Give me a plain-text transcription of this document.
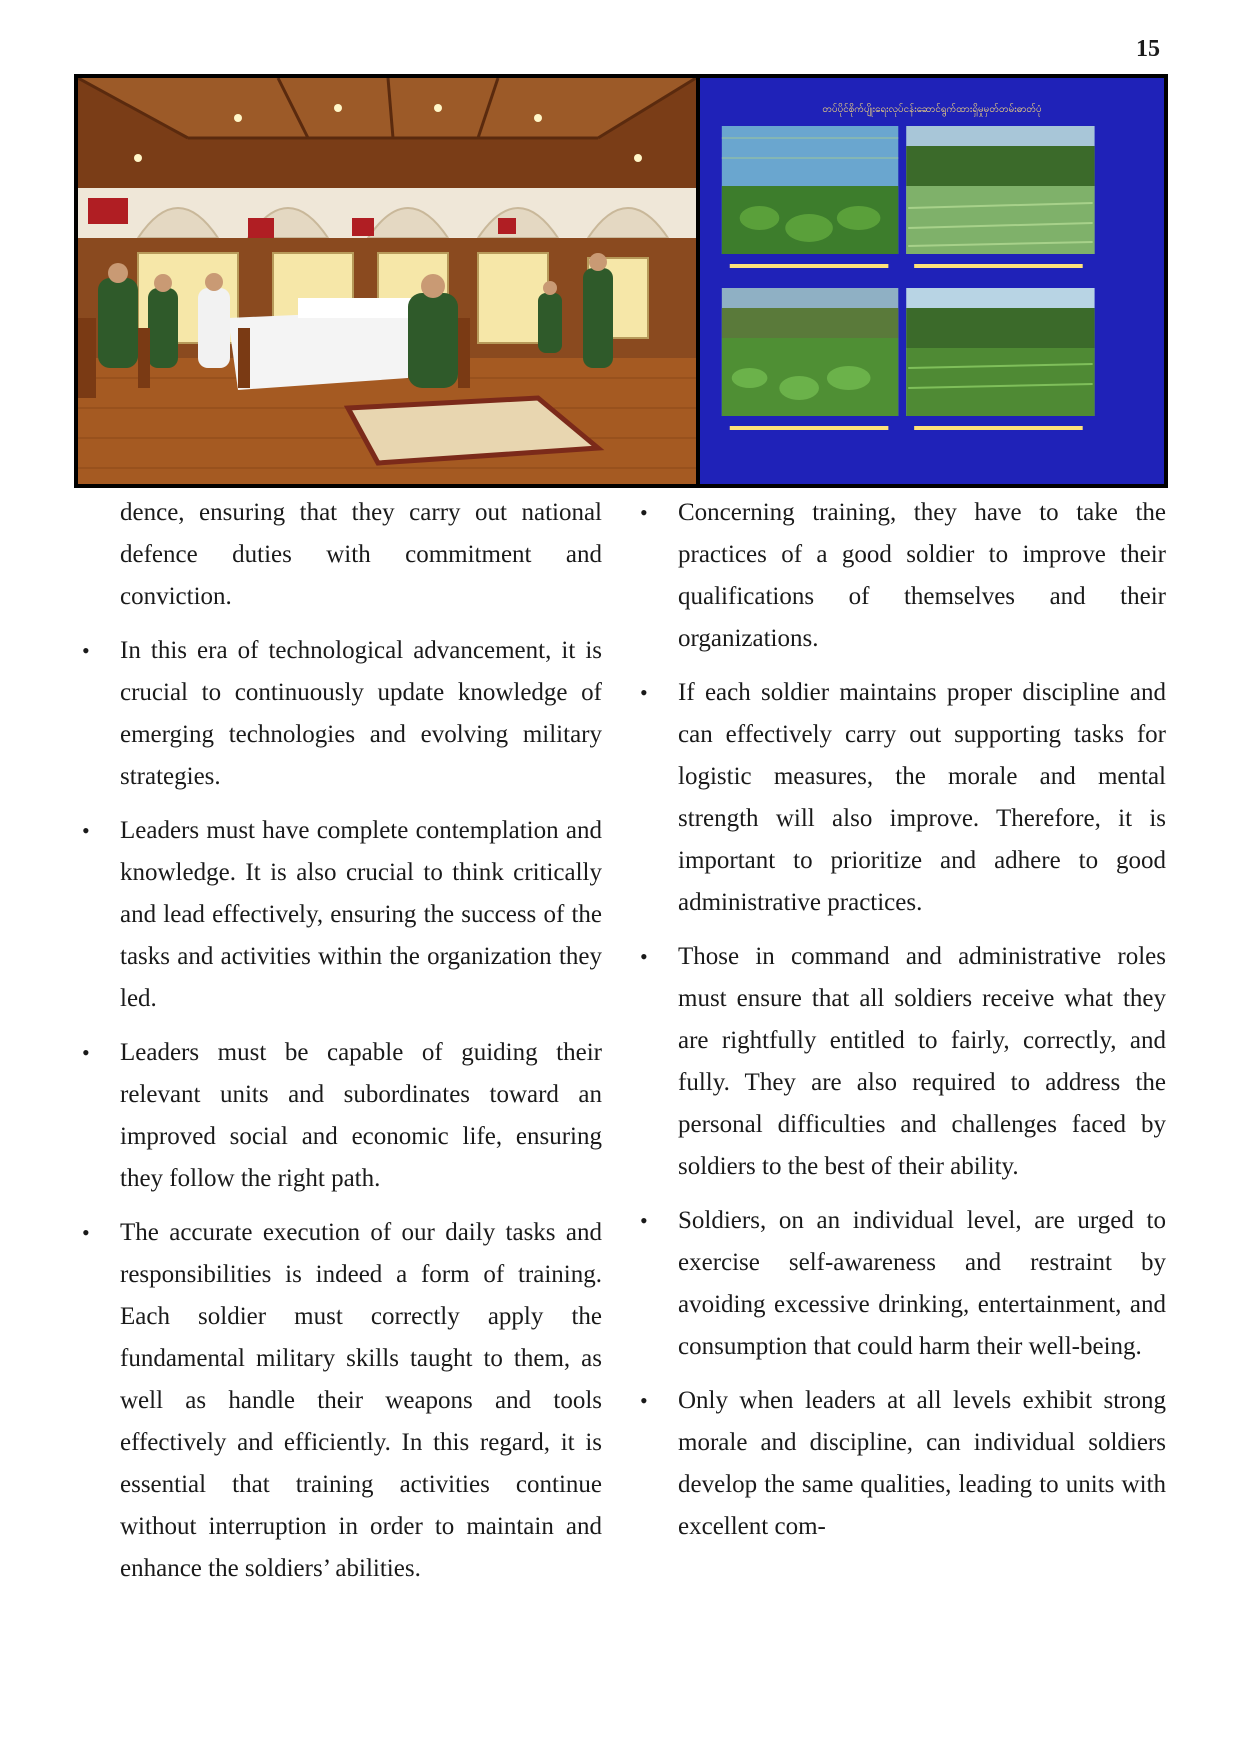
15
တပ်ပိုင်စိုက်ပျိုးရေးလုပ်ငန်းဆောင်ရွက်ထားရှိမှုမှတ်တမ်းဓာတ်ပုံ

dence, ensuring that they carry out national defence duties with commitment and conviction.

• In this era of technological advancement, it is crucial to continuously update knowledge of emerging technologies and evolving military strategies.
• Leaders must have complete contemplation and knowledge. It is also crucial to think critically and lead effectively, ensuring the success of the tasks and activities within the organization they led.
• Leaders must be capable of guiding their relevant units and subordinates toward an improved social and economic life, ensuring they follow the right path.
• The accurate execution of our daily tasks and responsibilities is indeed a form of training. Each soldier must correctly apply the fundamental military skills taught to them, as well as handle their weapons and tools effectively and efficiently. In this regard, it is essential that training activities continue without interruption in order to maintain and enhance the soldiers’ abilities.
• Concerning training, they have to take the practices of a good soldier to improve their qualifications of themselves and their organizations.
• If each soldier maintains proper discipline and can effectively carry out supporting tasks for logistic measures, the morale and mental strength will also improve. Therefore, it is important to prioritize and adhere to good administrative practices.
• Those in command and administrative roles must ensure that all soldiers receive what they are rightfully entitled to fairly, correctly, and fully. They are also required to address the personal difficulties and challenges faced by soldiers to the best of their ability.
• Soldiers, on an individual level, are urged to exercise self-awareness and restraint by avoiding excessive drinking, entertainment, and consumption that could harm their well-being.
• Only when leaders at all levels exhibit strong morale and discipline, can individual soldiers develop the same qualities, leading to units with excellent com-
